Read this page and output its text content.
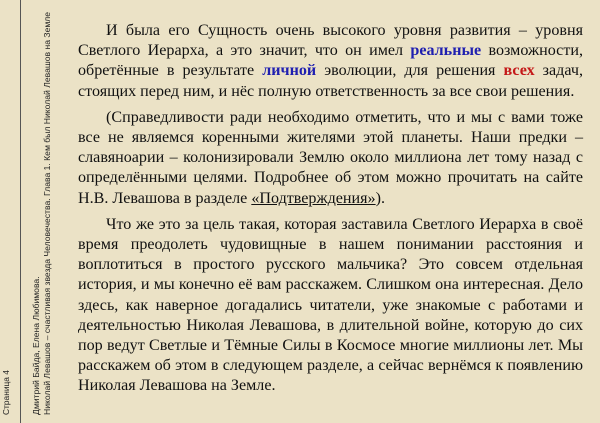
Страница 4	Николай Левашов – счастливая звезда Человечества. Глава 1. Кем был Николай Левашов на Земле
Дмитрий Байда, Елена Любимова.

И была его Сущность очень высокого уровня развития – уровня Светлого Иерарха, а это значит, что он имел реальные возможности, обретённые в результате личной эволюции, для решения всех задач, стоящих перед ним, и нёс полную ответственность за все свои решения.

(Справедливости ради необходимо отметить, что и мы с вами тоже все не являемся коренными жителями этой планеты. Наши предки – славяноарии – колонизировали Землю около миллиона лет тому назад с определёнными целями. Подробнее об этом можно прочитать на сайте Н.В. Левашова в разделе «Подтверждения»).

Что же это за цель такая, которая заставила Светлого Иерарха в своё время преодолеть чудовищные в нашем понимании расстояния и воплотиться в простого русского мальчика? Это совсем отдельная история, и мы конечно её вам расскажем. Слишком она интересная. Дело здесь, как наверное догадались читатели, уже знакомые с работами и деятельностью Николая Левашова, в длительной войне, которую до сих пор ведут Светлые и Тёмные Силы в Космосе многие миллионы лет. Мы расскажем об этом в следующем разделе, а сейчас вернёмся к появлению Николая Левашова на Земле.
